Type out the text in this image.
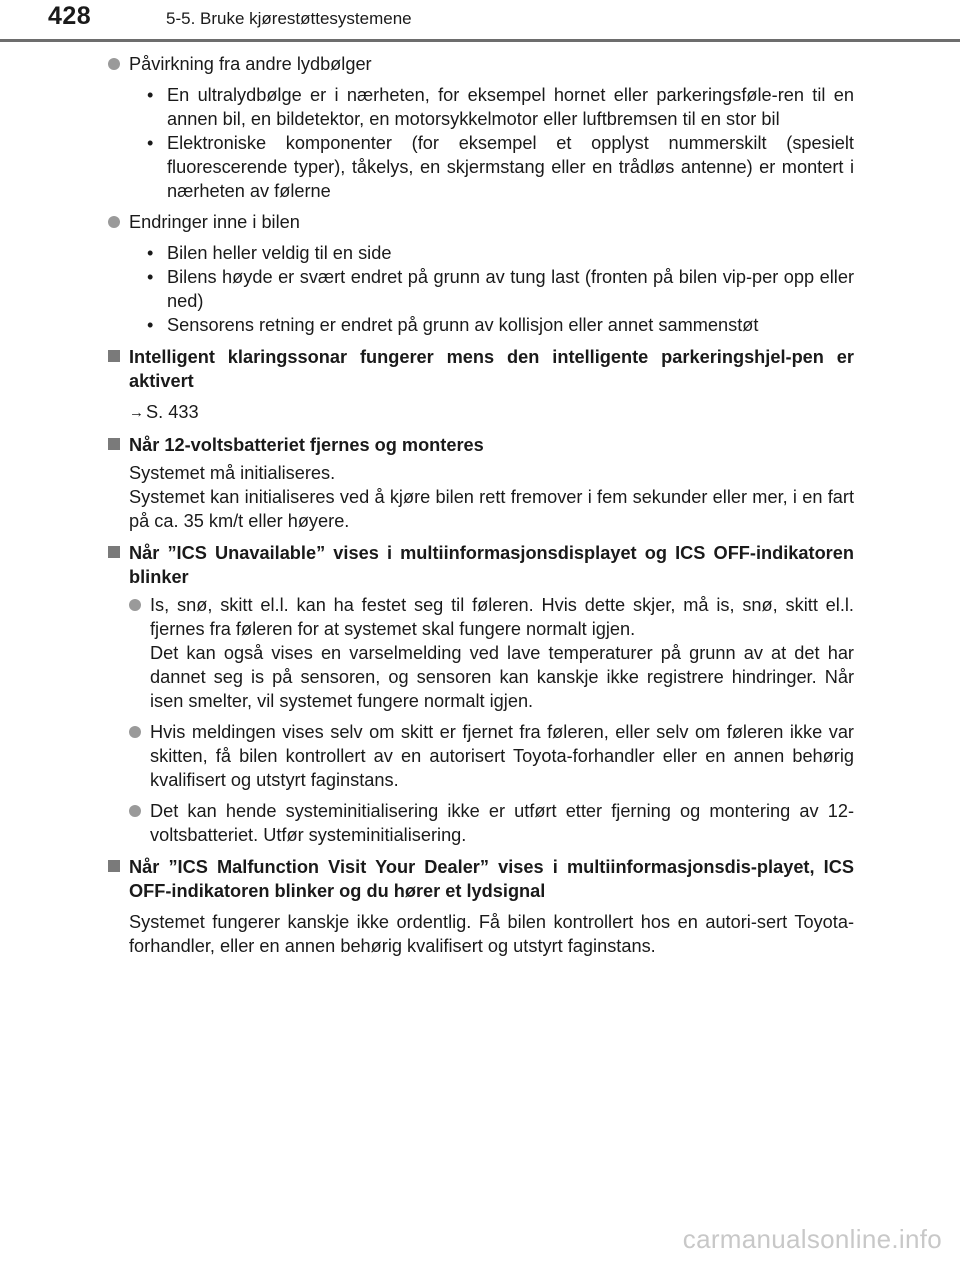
428	5-5. Bruke kjørestøttesystemene

Påvirkning fra andre lydbølger

• En ultralydbølge er i nærheten, for eksempel hornet eller parkeringsføle-ren til en annen bil, en bildetektor, en motorsykkelmotor eller luftbremsen til en stor bil

• Elektroniske komponenter (for eksempel et opplyst nummerskilt (spesielt fluorescerende typer), tåkelys, en skjermstang eller en trådløs antenne) er montert i nærheten av følerne

Endringer inne i bilen

• Bilen heller veldig til en side

• Bilens høyde er svært endret på grunn av tung last (fronten på bilen vip-per opp eller ned)

• Sensorens retning er endret på grunn av kollisjon eller annet sammenstøt

Intelligent klaringssonar fungerer mens den intelligente parkeringshjel-pen er aktivert

→ S. 433

Når 12-voltsbatteriet fjernes og monteres

Systemet må initialiseres.

Systemet kan initialiseres ved å kjøre bilen rett fremover i fem sekunder eller mer, i en fart på ca. 35 km/t eller høyere.

Når ”ICS Unavailable” vises i multiinformasjonsdisplayet og ICS OFF-indikatoren blinker

Is, snø, skitt el.l. kan ha festet seg til føleren. Hvis dette skjer, må is, snø, skitt el.l. fjernes fra føleren for at systemet skal fungere normalt igjen.

Det kan også vises en varselmelding ved lave temperaturer på grunn av at det har dannet seg is på sensoren, og sensoren kan kanskje ikke registrere hindringer. Når isen smelter, vil systemet fungere normalt igjen.

Hvis meldingen vises selv om skitt er fjernet fra føleren, eller selv om føleren ikke var skitten, få bilen kontrollert av en autorisert Toyota-forhandler eller en annen behørig kvalifisert og utstyrt faginstans.

Det kan hende systeminitialisering ikke er utført etter fjerning og montering av 12-voltsbatteriet. Utfør systeminitialisering.

Når ”ICS Malfunction Visit Your Dealer” vises i multiinformasjonsdis-playet, ICS OFF-indikatoren blinker og du hører et lydsignal

Systemet fungerer kanskje ikke ordentlig. Få bilen kontrollert hos en autori-sert Toyota-forhandler, eller en annen behørig kvalifisert og utstyrt faginstans.

carmanualsonline.info
